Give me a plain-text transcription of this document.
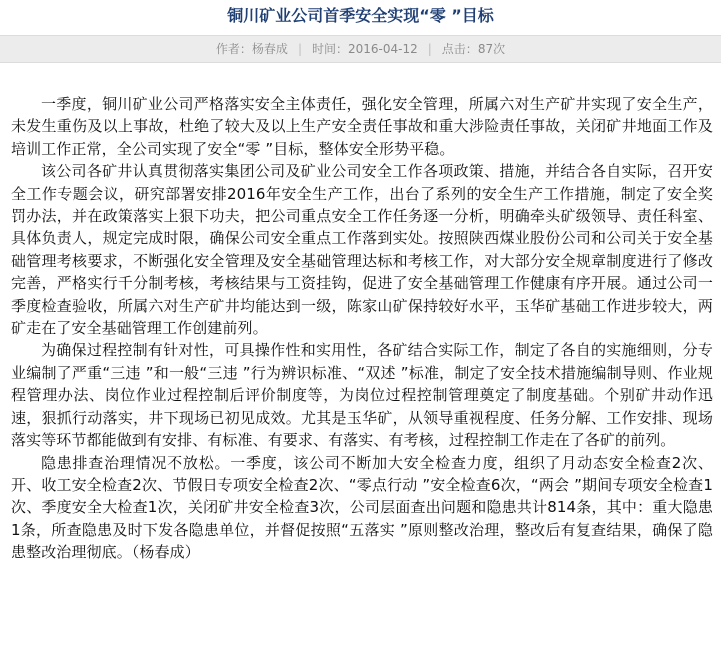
铜川矿业公司首季安全实现“零 ”目标
作者：杨春成 | 时间：2016-04-12 | 点击：87次

一季度，铜川矿业公司严格落实安全主体责任，强化安全管理，所属六对生产矿井实现了安全生产，未发生重伤及以上事故，杜绝了较大及以上生产安全责任事故和重大涉险责任事故，关闭矿井地面工作及培训工作正常，全公司实现了安全“零 ”目标，整体安全形势平稳。

该公司各矿井认真贯彻落实集团公司及矿业公司安全工作各项政策、措施，并结合各自实际，召开安全工作专题会议，研究部署安排2016年安全生产工作，出台了系列的安全生产工作措施，制定了安全奖罚办法，并在政策落实上狠下功夫，把公司重点安全工作任务逐一分析，明确牵头矿级领导、责任科室、具体负责人，规定完成时限，确保公司安全重点工作落到实处。按照陕西煤业股份公司和公司关于安全基础管理考核要求，不断强化安全管理及安全基础管理达标和考核工作，对大部分安全规章制度进行了修改完善，严格实行千分制考核，考核结果与工资挂钩，促进了安全基础管理工作健康有序开展。通过公司一季度检查验收，所属六对生产矿井均能达到一级，陈家山矿保持较好水平，玉华矿基础工作进步较大，两矿走在了安全基础管理工作创建前列。

为确保过程控制有针对性，可具操作性和实用性，各矿结合实际工作，制定了各自的实施细则，分专业编制了严重“三违 ”和一般“三违 ”行为辨识标准、“双述 ”标准，制定了安全技术措施编制导则、作业规程管理办法、岗位作业过程控制后评价制度等，为岗位过程控制管理奠定了制度基础。个别矿井动作迅速，狠抓行动落实，井下现场已初见成效。尤其是玉华矿，从领导重视程度、任务分解、工作安排、现场落实等环节都能做到有安排、有标准、有要求、有落实、有考核，过程控制工作走在了各矿的前列。

隐患排查治理情况不放松。一季度，该公司不断加大安全检查力度，组织了月动态安全检查2次、开、收工安全检查2次、节假日专项安全检查2次、“零点行动 ”安全检查6次，“两会 ”期间专项安全检查1次、季度安全大检查1次，关闭矿井安全检查3次，公司层面查出问题和隐患共计814条，其中：重大隐患1条，所查隐患及时下发各隐患单位，并督促按照“五落实 ”原则整改治理，整改后有复查结果，确保了隐患整改治理彻底。（杨春成）
